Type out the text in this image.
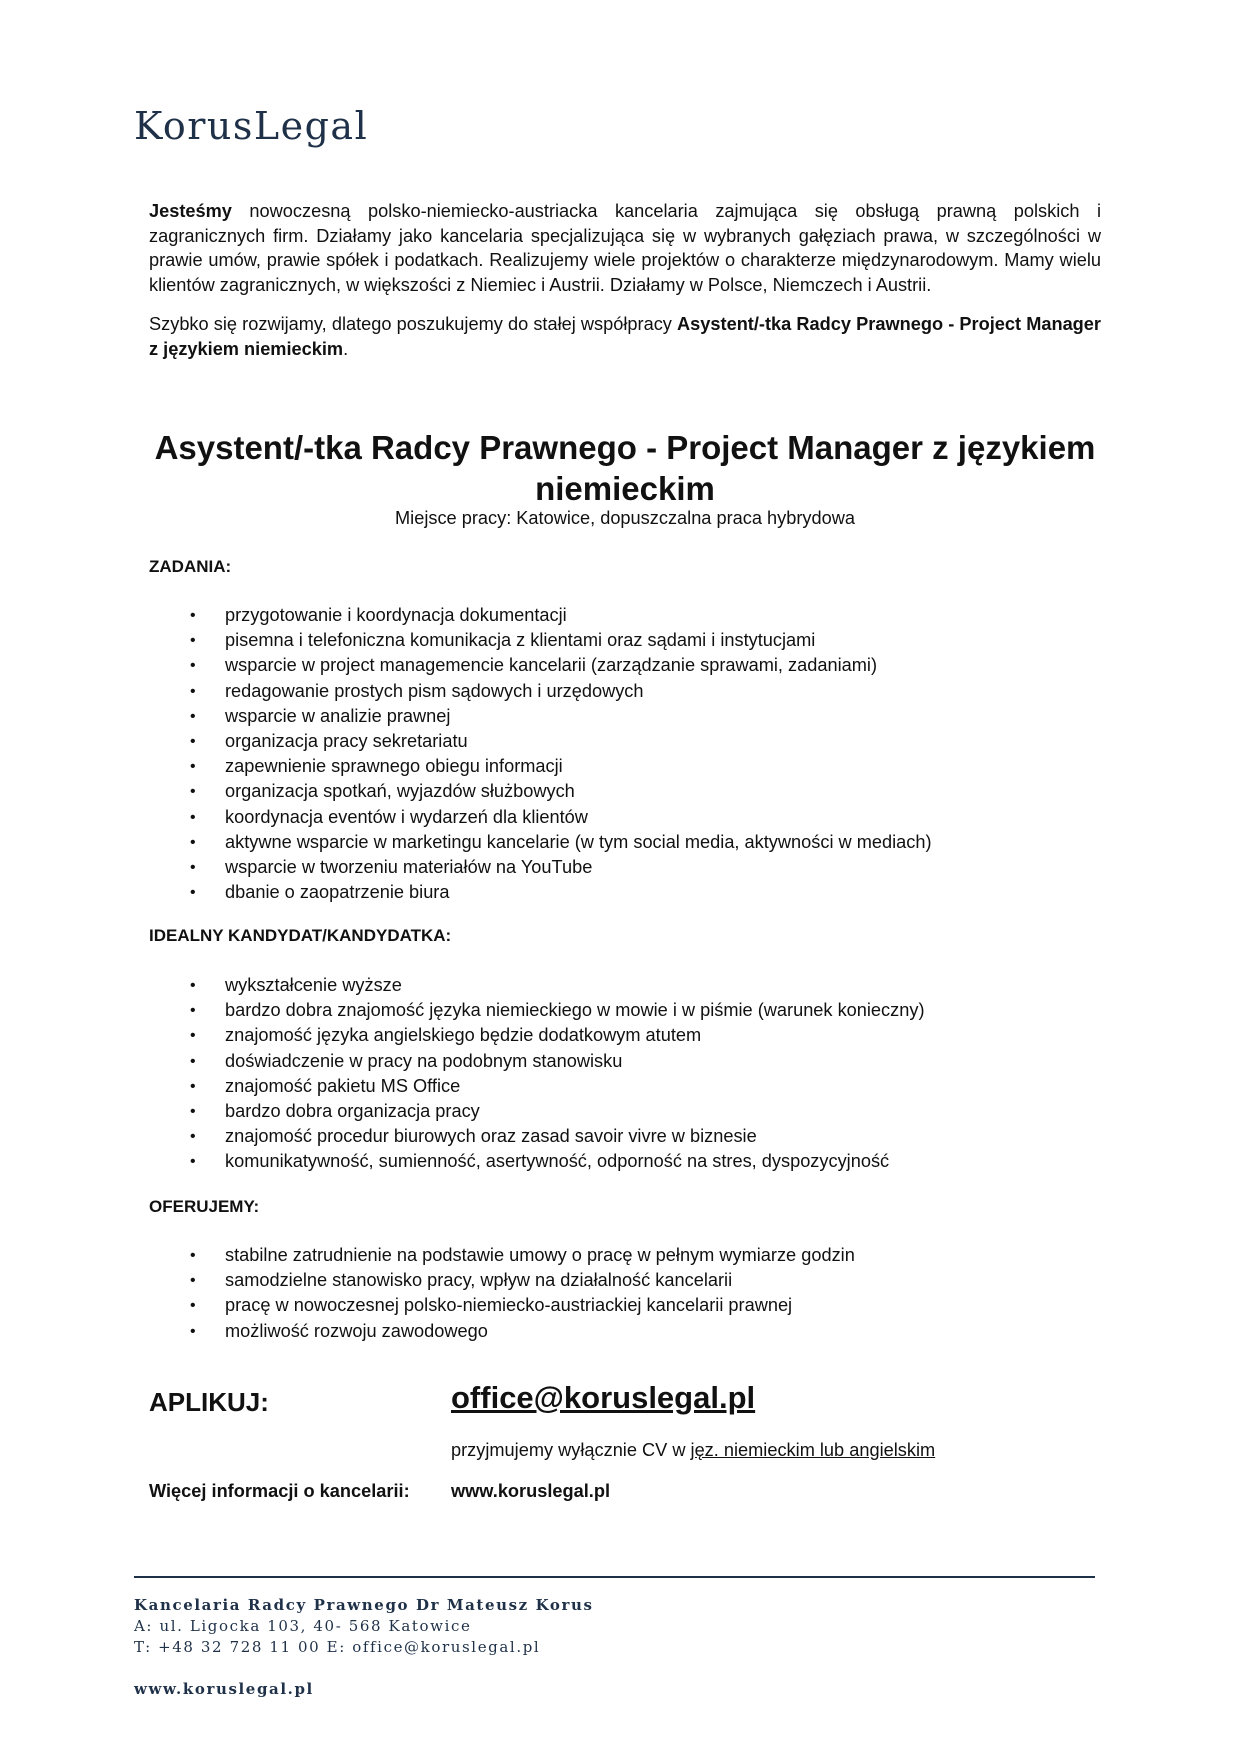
KorusLegal

Jesteśmy nowoczesną polsko-niemiecko-austriacka kancelaria zajmująca się obsługą prawną polskich i zagranicznych firm. Działamy jako kancelaria specjalizująca się w wybranych gałęziach prawa, w szczególności w prawie umów, prawie spółek i podatkach. Realizujemy wiele projektów o charakterze międzynarodowym. Mamy wielu klientów zagranicznych, w większości z Niemiec i Austrii. Działamy w Polsce, Niemczech i Austrii.

Szybko się rozwijamy, dlatego poszukujemy do stałej współpracy Asystent/-tka Radcy Prawnego - Project Manager z językiem niemieckim.

Asystent/-tka Radcy Prawnego - Project Manager z językiem niemieckim
Miejsce pracy: Katowice, dopuszczalna praca hybrydowa
ZADANIA:
• przygotowanie i koordynacja dokumentacji
• pisemna i telefoniczna komunikacja z klientami oraz sądami i instytucjami
• wsparcie w project managemencie kancelarii (zarządzanie sprawami, zadaniami)
• redagowanie prostych pism sądowych i urzędowych
• wsparcie w analizie prawnej
• organizacja pracy sekretariatu
• zapewnienie sprawnego obiegu informacji
• organizacja spotkań, wyjazdów służbowych
• koordynacja eventów i wydarzeń dla klientów
• aktywne wsparcie w marketingu kancelarie (w tym social media, aktywności w mediach)
• wsparcie w tworzeniu materiałów na YouTube
• dbanie o zaopatrzenie biura
IDEALNY KANDYDAT/KANDYDATKA:
• wykształcenie wyższe
• bardzo dobra znajomość języka niemieckiego w mowie i w piśmie (warunek konieczny)
• znajomość języka angielskiego będzie dodatkowym atutem
• doświadczenie w pracy na podobnym stanowisku
• znajomość pakietu MS Office
• bardzo dobra organizacja pracy
• znajomość procedur biurowych oraz zasad savoir vivre w biznesie
• komunikatywność, sumienność, asertywność, odporność na stres, dyspozycyjność
OFERUJEMY:
• stabilne zatrudnienie na podstawie umowy o pracę w pełnym wymiarze godzin
• samodzielne stanowisko pracy, wpływ na działalność kancelarii
• pracę w nowoczesnej polsko-niemiecko-austriackiej kancelarii prawnej
• możliwość rozwoju zawodowego
APLIKUJ:	office@koruslegal.pl
przyjmujemy wyłącznie CV w jęz. niemieckim lub angielskim
Więcej informacji o kancelarii: www.koruslegal.pl
Kancelaria Radcy Prawnego Dr Mateusz Korus
A: ul. Ligocka 103, 40- 568 Katowice
T: +48 32 728 11 00 E: office@koruslegal.pl
www.koruslegal.pl
